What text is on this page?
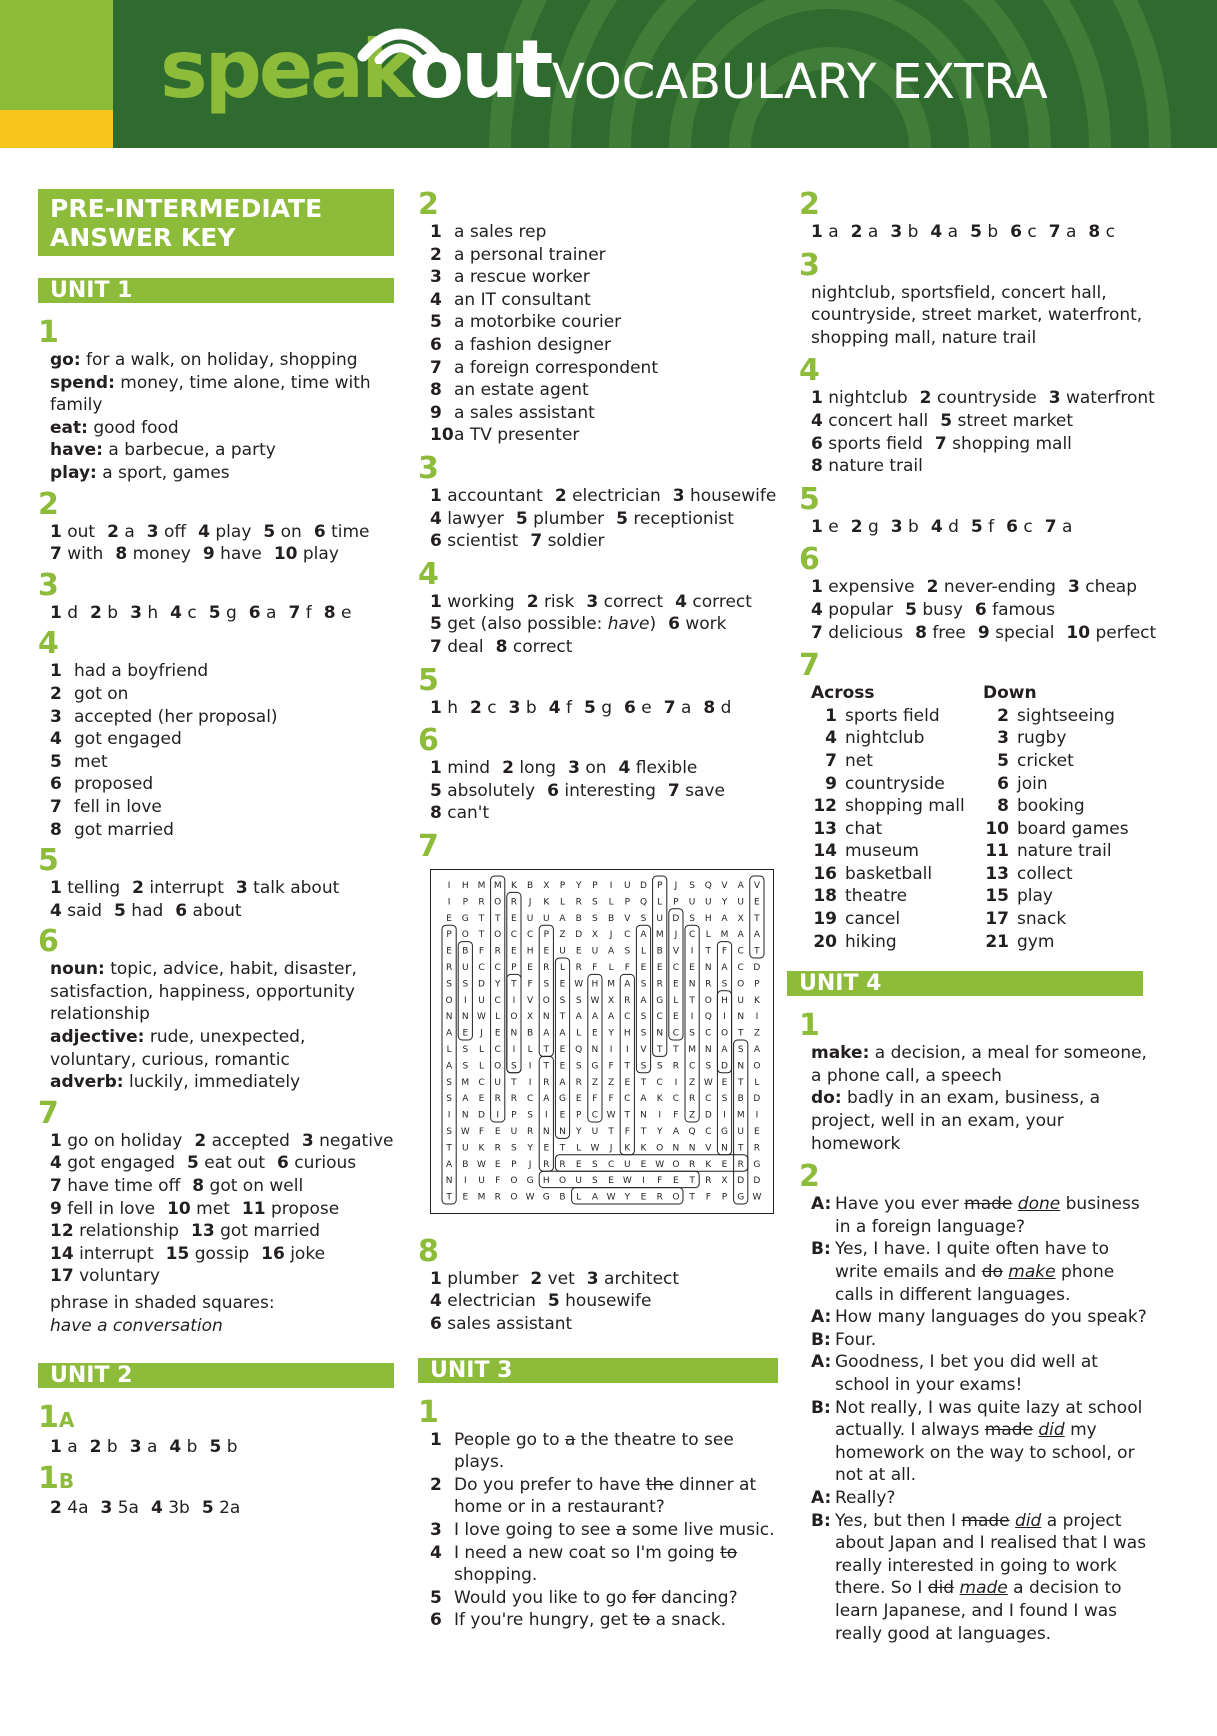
speakout VOCABULARY EXTRA
PRE-INTERMEDIATE
ANSWER KEY
UNIT 1
1
go: for a walk, on holiday, shopping
spend: money, time alone, time with family
eat: good food
have: a barbecue, a party
play: a sport, games
2
1 out 2 a 3 off 4 play 5 on 6 time
7 with 8 money 9 have 10 play
3
1 d 2 b 3 h 4 c 5 g 6 a 7 f 8 e
4
1 had a boyfriend
2 got on
3 accepted (her proposal)
4 got engaged
5 met
6 proposed
7 fell in love
8 got married
5
1 telling 2 interrupt 3 talk about
4 said 5 had 6 about
6
noun: topic, advice, habit, disaster, satisfaction, happiness, opportunity relationship
adjective: rude, unexpected, voluntary, curious, romantic
adverb: luckily, immediately
7
1 go on holiday 2 accepted 3 negative
4 got engaged 5 eat out 6 curious
7 have time off 8 got on well
9 fell in love 10 met 11 propose
12 relationship 13 got married
14 interrupt 15 gossip 16 joke
17 voluntary
phrase in shaded squares:
have a conversation
UNIT 2
1A
1 a 2 b 3 a 4 b 5 b
1B
2 4a 3 5a 4 3b 5 2a
2
1 a sales rep
2 a personal trainer
3 a rescue worker
4 an IT consultant
5 a motorbike courier
6 a fashion designer
7 a foreign correspondent
8 an estate agent
9 a sales assistant
10 a TV presenter
3
1 accountant 2 electrician 3 housewife
4 lawyer 5 plumber 5 receptionist
6 scientist 7 soldier
4
1 working 2 risk 3 correct 4 correct
5 get (also possible: have) 6 work
7 deal 8 correct
5
1 h 2 c 3 b 4 f 5 g 6 e 7 a 8 d
6
1 mind 2 long 3 on 4 flexible
5 absolutely 6 interesting 7 save
8 can't
7
I H M M K B X P Y P I U D P J S Q V A V
I P R O R J K L R S L P Q L P U U Y U E
E G T T E U U A B S B V S U D S H A X T
P O T O C C P Z D X J C A M J C L M A A
E B F R E H E U E U A S L B V I T F C T
R U C C P E R L R F L F E E C E N A C D
S S D Y T F S E W H M A S R E N R S O P
O I U C I V O S S W X R A G L T O H U K
N N W L O X N T A A A C S C E I Q I N I
A E J E N B A A L E Y H S N C S C O T Z
L S L C I L T E Q N I I V T T M N A S A
A S L O S I T E S G F T S S R C S D N O
S M C U T I R A R Z Z E T C I Z W E T L
S A E R R C A G E F F C A K C R C S B D
I N D I P S I E P C W T N I F Z D I M I
S W F E U R N N Y U T F T Y A Q C G U E
T U K R S Y E T L W J K K O N N V N T R
A B W E P J R R E S C U E W O R K E R G
N I U F O G H O U S E W I F E T R X D D
T E M R O W G B L A W Y E R O T F P G W
8
1 plumber 2 vet 3 architect
4 electrician 5 housewife
6 sales assistant
UNIT 3
1
1 People go to a the theatre to see plays.
2 Do you prefer to have the dinner at home or in a restaurant?
3 I love going to see a some live music.
4 I need a new coat so I'm going to shopping.
5 Would you like to go for dancing?
6 If you're hungry, get to a snack.
2
1 a 2 a 3 b 4 a 5 b 6 c 7 a 8 c
3
nightclub, sportsfield, concert hall, countryside, street market, waterfront, shopping mall, nature trail
4
1 nightclub 2 countryside 3 waterfront
4 concert hall 5 street market
6 sports field 7 shopping mall
8 nature trail
5
1 e 2 g 3 b 4 d 5 f 6 c 7 a
6
1 expensive 2 never-ending 3 cheap
4 popular 5 busy 6 famous
7 delicious 8 free 9 special 10 perfect
7
Across
1 sports field
4 nightclub
7 net
9 countryside
12 shopping mall
13 chat
14 museum
16 basketball
18 theatre
19 cancel
20 hiking
Down
2 sightseeing
3 rugby
5 cricket
6 join
8 booking
10 board games
11 nature trail
13 collect
15 play
17 snack
21 gym
UNIT 4
1
make: a decision, a meal for someone, a phone call, a speech
do: badly in an exam, business, a project, well in an exam, your homework
2
A: Have you ever made done business in a foreign language?
B: Yes, I have. I quite often have to write emails and do make phone calls in different languages.
A: How many languages do you speak?
B: Four.
A: Goodness, I bet you did well at school in your exams!
B: Not really, I was quite lazy at school actually. I always made did my homework on the way to school, or not at all.
A: Really?
B: Yes, but then I made did a project about Japan and I realised that I was really interested in going to work there. So I did made a decision to learn Japanese, and I found I was really good at languages.
